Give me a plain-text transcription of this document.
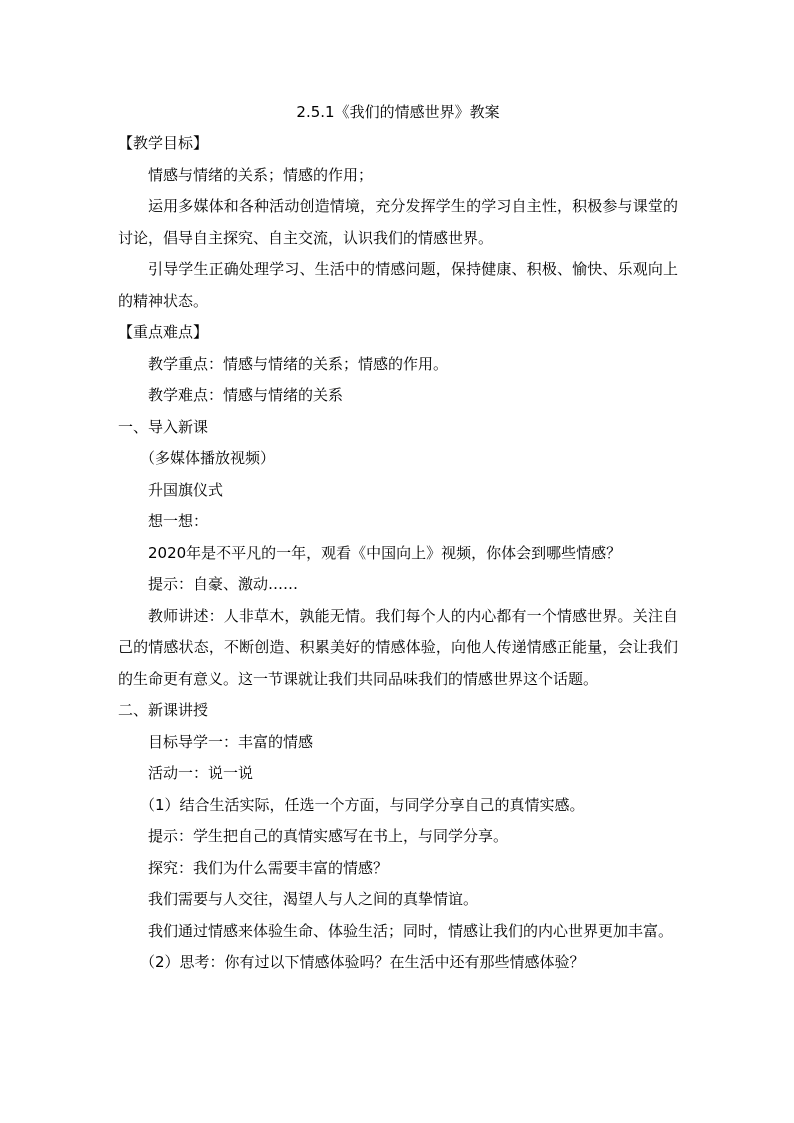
2.5.1《我们的情感世界》教案

【教学目标】

情感与情绪的关系；情感的作用；

运用多媒体和各种活动创造情境，充分发挥学生的学习自主性，积极参与课堂的讨论，倡导自主探究、自主交流，认识我们的情感世界。

引导学生正确处理学习、生活中的情感问题，保持健康、积极、愉快、乐观向上的精神状态。

【重点难点】

教学重点：情感与情绪的关系；情感的作用。

教学难点：情感与情绪的关系

一、导入新课

（多媒体播放视频）

升国旗仪式

想一想：

2020年是不平凡的一年，观看《中国向上》视频，你体会到哪些情感？

提示：自豪、激动……

教师讲述：人非草木，孰能无情。我们每个人的内心都有一个情感世界。关注自己的情感状态，不断创造、积累美好的情感体验，向他人传递情感正能量，会让我们的生命更有意义。这一节课就让我们共同品味我们的情感世界这个话题。

二、新课讲授

目标导学一：丰富的情感

活动一：说一说

（1）结合生活实际，任选一个方面，与同学分享自己的真情实感。

提示：学生把自己的真情实感写在书上，与同学分享。

探究：我们为什么需要丰富的情感？

我们需要与人交往，渴望人与人之间的真挚情谊。

我们通过情感来体验生命、体验生活；同时，情感让我们的内心世界更加丰富。

（2）思考：你有过以下情感体验吗？在生活中还有那些情感体验？
